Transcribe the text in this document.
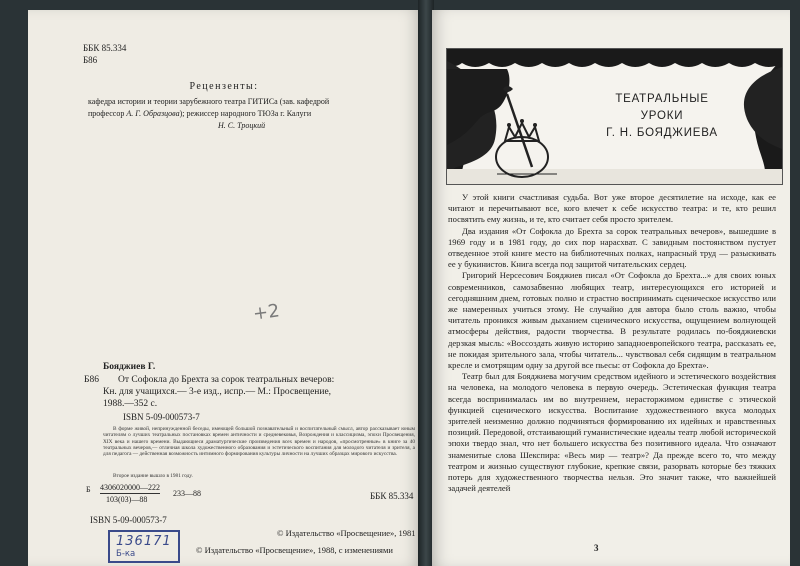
ББК 85.334

Б86

Рецензенты:

кафедра истории и теории зарубежного театра ГИТИСа (зав. кафедрой

профессор А. Г. Образцова); режиссер народного ТЮЗа г. Калуги

Н. С. Троцкий

+2

Бояджиев Г.

Б86 От Софокла до Брехта за сорок театральных вечеров:

Кн. для учащихся.— 3-е изд., испр.— М.: Просвещение,

1988.—352 с.

ISBN 5-09-000573-7

В форме живой, непринужденной беседы, имеющей большой познавательный и воспитательный смысл, автор рассказывает юным читателям о лучших театральных постановках времен античности и средневековья, Возрождения и классицизма, эпохи Просвещения, XIX века и нашего времени. Выдающиеся драматургические произведения всех времен и народов, «просмотренные» в книге за 40 театральных вечеров,— отличная школа художественного образования и эстетического воспитания для молодого читателя и зрителя, а для педагога — действенная возможность интимного формирования культуры личности на лучших образцах мирового искусства.

Второе издание вышло в 1981 году.

Б 4306020000—222

103(03)—88

233—88	ББК 85.334

ISBN 5-09-000573-7

© Издательство «Просвещение», 1981

© Издательство «Просвещение», 1988, с изменениями

136171
Б-ка
ТЕАТРАЛЬНЫЕ
УРОКИ
Г. Н. БОЯДЖИЕВА

У этой книги счастливая судьба. Вот уже второе десятилетие на исходе, как ее читают и перечитывают все, кого влечет к себе искусство театра: и те, кто решил посвятить ему жизнь, и те, кто считает себя просто зрителем.

Два издания «От Софокла до Брехта за сорок театральных вечеров», вышедшие в 1969 году и в 1981 году, до сих пор нарасхват. С завидным постоянством пустует отведенное этой книге место на библиотечных полках, напрасный труд — разыскивать ее у букинистов. Книга всегда под защитой читательских сердец.

Григорий Нерсесович Бояджиев писал «От Софокла до Брехта...» для своих юных современников, самозабвенно любящих театр, интересующихся его историей и сегодняшним днем, готовых полно и страстно воспринимать сценическое искусство или же намеренных учиться этому. Не случайно для автора было столь важно, чтобы читатель проникся живым дыханием сценического искусства, ощущением волнующей атмосферы действия, радости творчества. В результате родилась по-бояджиевски дерзкая мысль: «Воссоздать живую историю западноевропейского театра, рассказать ее, не покидая зрительного зала, чтобы читатель... чувствовал себя сидящим в театральном кресле и смотрящим одну за другой все пьесы: от Софокла до Брехта».

Театр был для Бояджиева могучим средством идейного и эстетического воздействия на человека, на молодого человека в первую очередь. Эстетическая функция театра всегда воспринималась им во внутреннем, нерасторжимом единстве с этической функцией сценического искусства. Воспитание художественного вкуса молодых зрителей неизменно должно подчиняться формированию их идейных и нравственных позиций. Передовой, отстаивающий гуманистические идеалы театр любой исторической эпохи твердо знал, что нет большего искусства без позитивного идеала. Что означают знаменитые слова Шекспира: «Весь мир — театр»? Да прежде всего то, что между театром и жизнью существуют глубокие, крепкие связи, разорвать которые без тяжких потерь для художественного творчества нельзя. Это значит также, что важнейшей задачей деятелей

3
